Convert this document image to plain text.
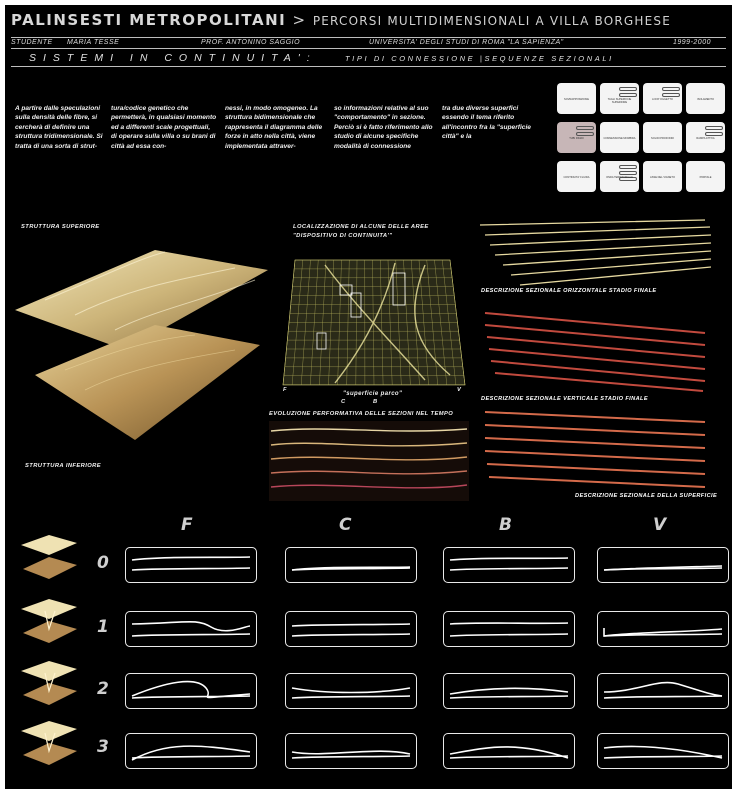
PALINSESTI METROPOLITANI > PERCORSI MULTIDIMENSIONALI A VILLA BORGHESE
STUDENTE MARIA TESSE	PROF. ANTONINO SAGGIO	UNIVERSITA' DEGLI STUDI DI ROMA "LA SAPIENZA"	1999-2000
SISTEMI IN CONTINUITA':	TIPI DI CONNESSIONE |SEQUENZE SEZIONALI
A partire dalle speculazioni sulla densità delle fibre, si cercherà di definire una struttura tridimensionale. Si tratta di una sorta di strut-
tura/codice genetico che permetterà, in qualsiasi momento ed a differenti scale progettuali, di operare sulla villa o su brani di città ad essa con-
nessi, in modo omogeneo. La struttura bidimensionale che rappresenta il diagramma delle forze in atto nella città, viene implementata attraver-
so informazioni relative al suo "comportamento" in sezione. Perciò si è fatto riferimento allo studio di alcune specifiche modalità di connessione
tra due diverse superfici essendo il tema riferito all'incontro fra la "superficie città" e la
SOVRAPPOSIZIONE	TAGLI SUPERFICIE SUPERIORE
LOOP OGGETTO	ISOLAMENTO
TUBI RIGIDI	CONNESSIONE MORBIDA	SOLIDI PROFONDI	RAMPA ATTIVA
CONTINUITA' FLUIDA	ONDA TERRITORIALE	ASSE DEL VIGNETO	PORTALE
STRUTTURA SUPERIORE
STRUTTURA INFERIORE
LOCALIZZAZIONE DI ALCUNE DELLE AREE
"DISPOSITIVO DI CONTINUITA'"
"superficie parco"
F
C	B
V
EVOLUZIONE PERFORMATIVA DELLE SEZIONI NEL TEMPO
DESCRIZIONE SEZIONALE ORIZZONTALE STADIO FINALE
DESCRIZIONE SEZIONALE VERTICALE STADIO FINALE
DESCRIZIONE SEZIONALE DELLA SUPERFICIE
F	C	B	V
0
1
2
3
